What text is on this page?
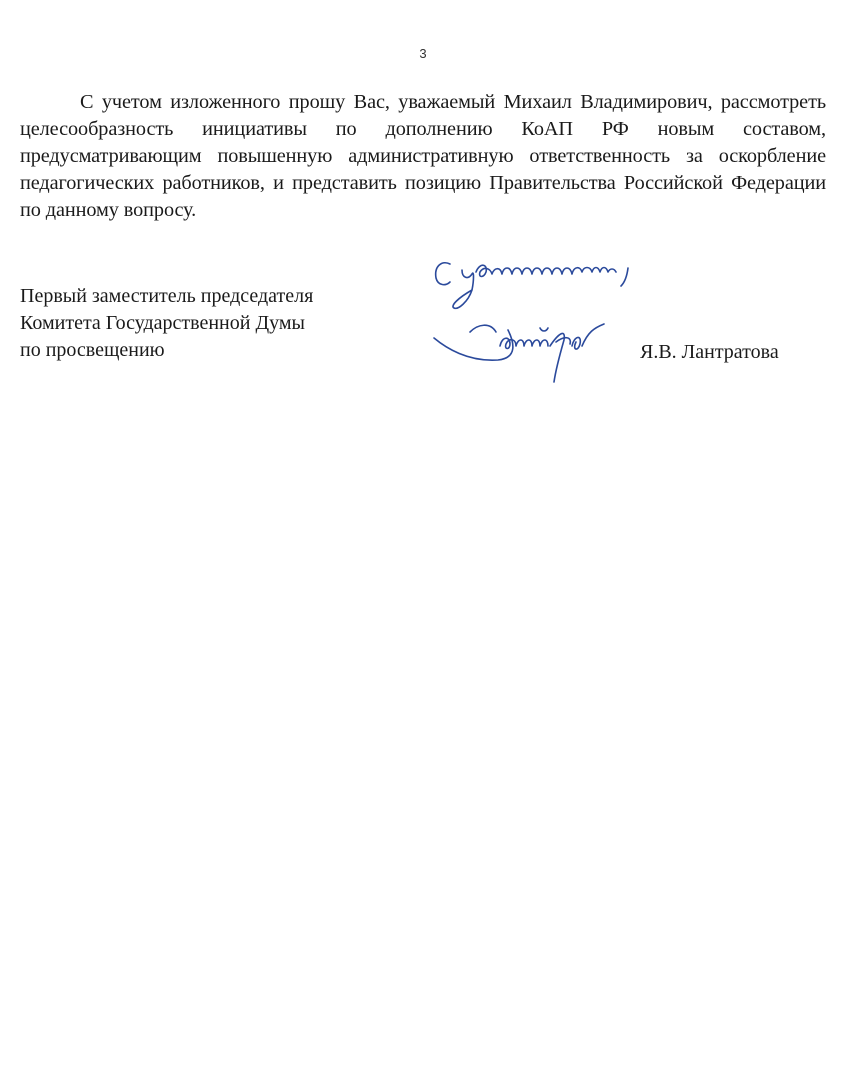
3

С учетом изложенного прошу Вас, уважаемый Михаил Владимирович, рассмотреть целесообразность инициативы по дополнению КоАП РФ новым составом, предусматривающим повышенную административную ответственность за оскорбление педагогических работников, и представить позицию Правительства Российской Федерации по данному вопросу.

Первый заместитель председателя
Комитета Государственной Думы
по просвещению	Я.В. Лантратова
